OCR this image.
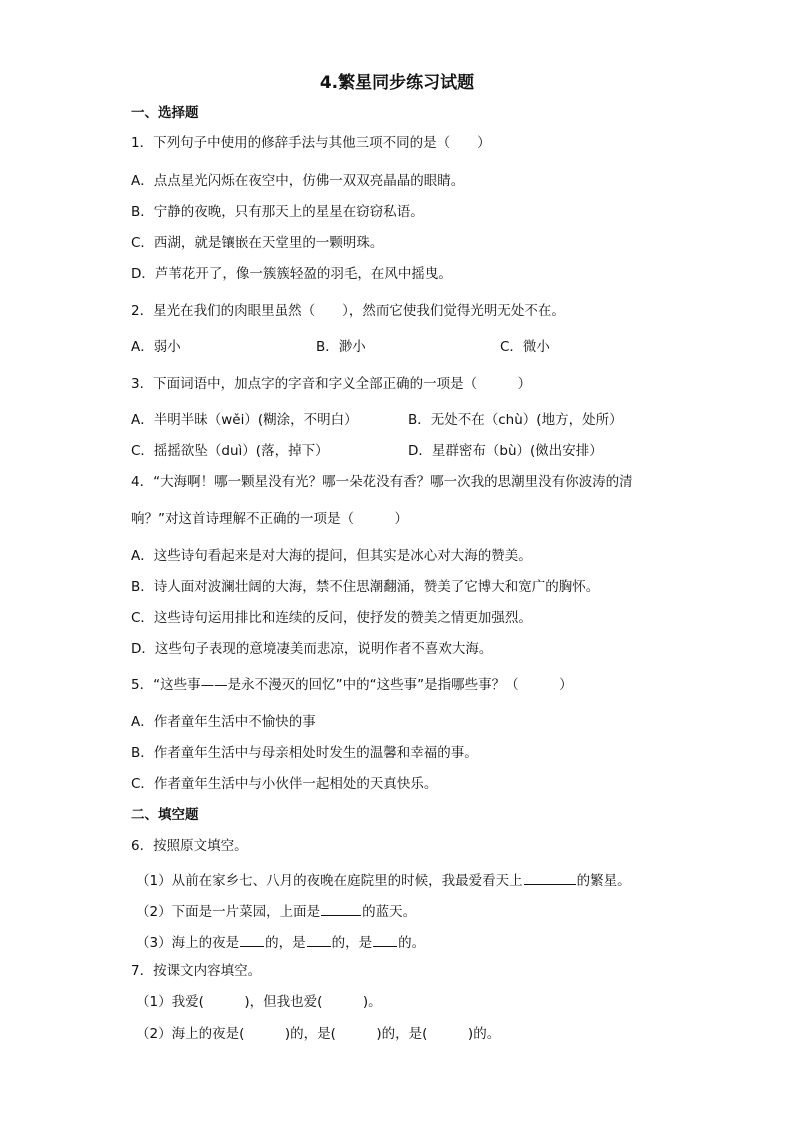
4.繁星同步练习试题
一、选择题
1．下列句子中使用的修辞手法与其他三项不同的是（　　）
A．点点星光闪烁在夜空中，仿佛一双双亮晶晶的眼睛。
B．宁静的夜晚，只有那天上的星星在窃窃私语。
C．西湖，就是镶嵌在天堂里的一颗明珠。
D．芦苇花开了，像一簇簇轻盈的羽毛，在风中摇曳。
2．星光在我们的肉眼里虽然（　　），然而它使我们觉得光明无处不在。
A．弱小	B．渺小	C．微小
3．下面词语中，加点字的字音和字义全部正确的一项是（　　　）
A．半明半昧（wěi）(糊涂，不明白）	B．无处不在（chù）(地方，处所）
C．摇摇欲坠（duì）(落，掉下）	D．星群密布（bù）(傚出安排）
4．“大海啊！哪一颗星没有光？哪一朵花没有香？哪一次我的思潮里没有你波涛的清
响？”对这首诗理解不正确的一项是（　　　）
A．这些诗句看起来是对大海的提问，但其实是冰心对大海的赞美。
B．诗人面对波澜壮阔的大海，禁不住思潮翻涌，赞美了它博大和宽广的胸怀。
C．这些诗句运用排比和连续的反问，使抒发的赞美之情更加强烈。
D．这些句子表现的意境凄美而悲凉，说明作者不喜欢大海。
5．“这些事——是永不漫灭的回忆”中的“这些事”是指哪些事？（　　　）
A．作者童年生活中不愉快的事
B．作者童年生活中与母亲相处时发生的温馨和幸福的事。
C．作者童年生活中与小伙伴一起相处的天真快乐。
二、填空题
6．按照原文填空。
（1）从前在家乡七、八月的夜晚在庭院里的时候，我最爱看天上	的繁星。
（2）下面是一片菜园，上面是	的蓝天。
（3）海上的夜是 的，是 的，是 的。
7．按课文内容填空。
（1）我爱(　　　)，但我也爱(　　　)。
（2）海上的夜是(　　　)的，是(　　　)的，是(　　　)的。
